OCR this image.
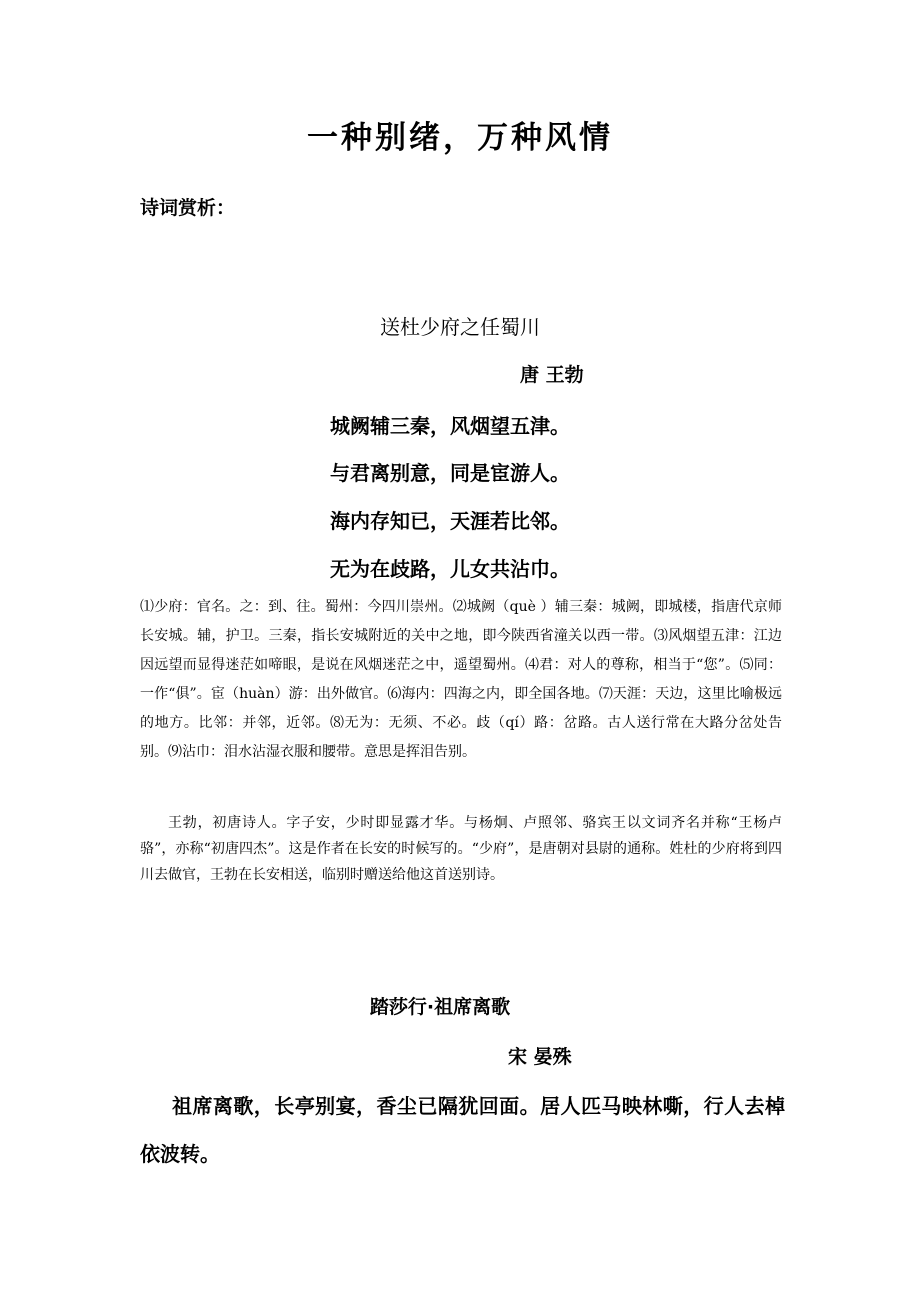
一种别绪，万种风情
诗词赏析：
送杜少府之任蜀川
唐 王勃
城阙辅三秦，风烟望五津。
与君离别意，同是宦游人。
海内存知已，天涯若比邻。
无为在歧路，儿女共沾巾。

⑴少府：官名。之：到、往。蜀州：今四川崇州。⑵城阙（què ）辅三秦：城阙，即城楼，指唐代京师长安城。辅，护卫。三秦，指长安城附近的关中之地，即今陕西省潼关以西一带。⑶风烟望五津：江边因远望而显得迷茫如啼眼，是说在风烟迷茫之中，遥望蜀州。⑷君：对人的尊称，相当于“您”。⑸同：一作“俱”。宦（huàn）游：出外做官。⑹海内：四海之内，即全国各地。⑺天涯：天边，这里比喻极远的地方。比邻：并邻，近邻。⑻无为：无须、不必。歧（qí）路：岔路。古人送行常在大路分岔处告别。⑼沾巾：泪水沾湿衣服和腰带。意思是挥泪告别。

王勃，初唐诗人。字子安，少时即显露才华。与杨炯、卢照邻、骆宾王以文词齐名并称“王杨卢骆”，亦称“初唐四杰”。这是作者在长安的时候写的。“少府”，是唐朝对县尉的通称。姓杜的少府将到四川去做官，王勃在长安相送，临别时赠送给他这首送别诗。
踏莎行·祖席离歌
宋 晏殊
祖席离歌，长亭别宴，香尘已隔犹回面。居人匹马映林嘶，行人去棹依波转。
